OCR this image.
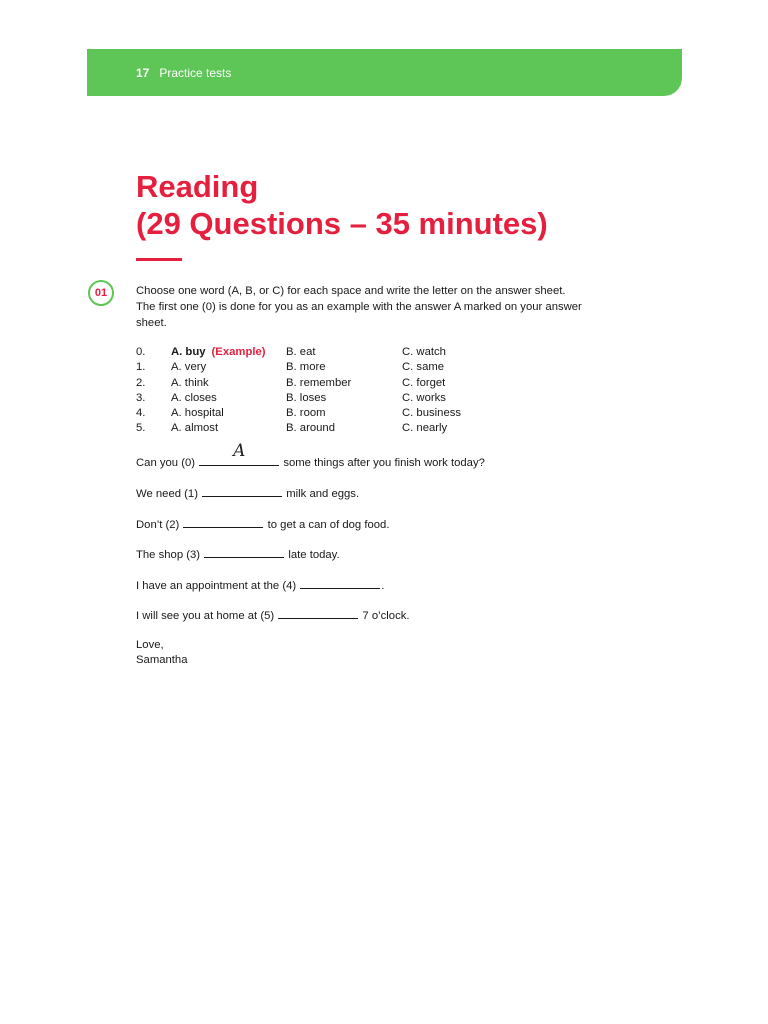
17 Practice tests
Reading
(29 Questions – 35 minutes)
01	Choose one word (A, B, or C) for each space and write the letter on the answer sheet.
The first one (0) is done for you as an example with the answer A marked on your answer
sheet.
0. A. buy (Example) B. eat	C. watch
1. A. very	B. more	C. same
2. A. think	B. remember	C. forget
3. A. closes	B. loses	C. works
4. A. hospital	B. room	C. business
5. A. almost	B. around	C. nearly
Can you (0)
A
some things after you finish work today?
We need (1)	milk and eggs.
Don’t (2)	to get a can of dog food.
The shop (3)	late today.
I have an appointment at the (4)	.
I will see you at home at (5)	7 o’clock.
Love,
Samantha
